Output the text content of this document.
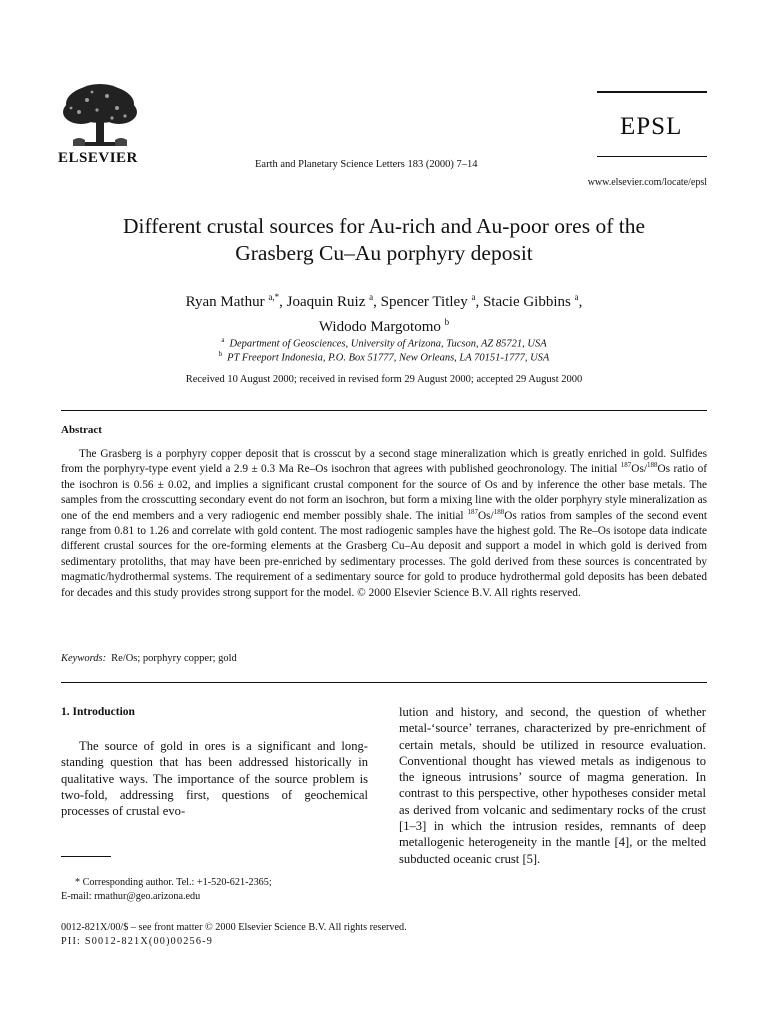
ELSEVIER	Earth and Planetary Science Letters 183 (2000) 7–14
EPSL
www.elsevier.com/locate/epsl
Different crustal sources for Au-rich and Au-poor ores of the
Grasberg Cu–Au porphyry deposit
Ryan Mathur $^{a,*}$, Joaquin Ruiz $^a$, Spencer Titley $^a$, Stacie Gibbins $^a$,
Widodo Margotomo $^b$
$^a$ Department of Geosciences, University of Arizona, Tucson, AZ 85721, USA
$^b$ PT Freeport Indonesia, P.O. Box 51777, New Orleans, LA 70151-1777, USA
Received 10 August 2000; received in revised form 29 August 2000; accepted 29 August 2000
Abstract
The Grasberg is a porphyry copper deposit that is crosscut by a second stage mineralization which is greatly enriched in gold. Sulfides from the porphyry-type event yield a 2.9 ± 0.3 Ma Re–Os isochron that agrees with published geochronology. The initial $^{187}$Os/$^{188}$Os ratio of the isochron is 0.56 ± 0.02, and implies a significant crustal component for the source of Os and by inference the other base metals. The samples from the crosscutting secondary event do not form an isochron, but form a mixing line with the older porphyry style mineralization as one of the end members and a very radiogenic end member possibly shale. The initial $^{187}$Os/$^{188}$Os ratios from samples of the second event range from 0.81 to 1.26 and correlate with gold content. The most radiogenic samples have the highest gold. The Re–Os isotope data indicate different crustal sources for the ore-forming elements at the Grasberg Cu–Au deposit and support a model in which gold is derived from sedimentary protoliths, that may have been pre-enriched by sedimentary processes. The gold derived from these sources is concentrated by magmatic/hydrothermal systems. The requirement of a sedimentary source for gold to produce hydrothermal gold deposits has been debated for decades and this study provides strong support for the model. © 2000 Elsevier Science B.V. All rights reserved.
Keywords: Re/Os; porphyry copper; gold
1. Introduction
The source of gold in ores is a significant and long-standing question that has been addressed historically in qualitative ways. The importance of the source problem is two-fold, addressing first, questions of geochemical processes of crustal evo-
lution and history, and second, the question of whether metal-‘source’ terranes, characterized by pre-enrichment of certain metals, should be utilized in resource evaluation. Conventional thought has viewed metals as indigenous to the igneous intrusions’ source of magma generation. In contrast to this perspective, other hypotheses consider metal as derived from volcanic and sedimentary rocks of the crust [1–3] in which the intrusion resides, remnants of deep metallogenic heterogeneity in the mantle [4], or the melted subducted oceanic crust [5].
* Corresponding author. Tel.: +1-520-621-2365;
E-mail: rmathur@geo.arizona.edu
0012-821X/00/$ – see front matter © 2000 Elsevier Science B.V. All rights reserved.
PII: S0012-821X(00)00256-9
